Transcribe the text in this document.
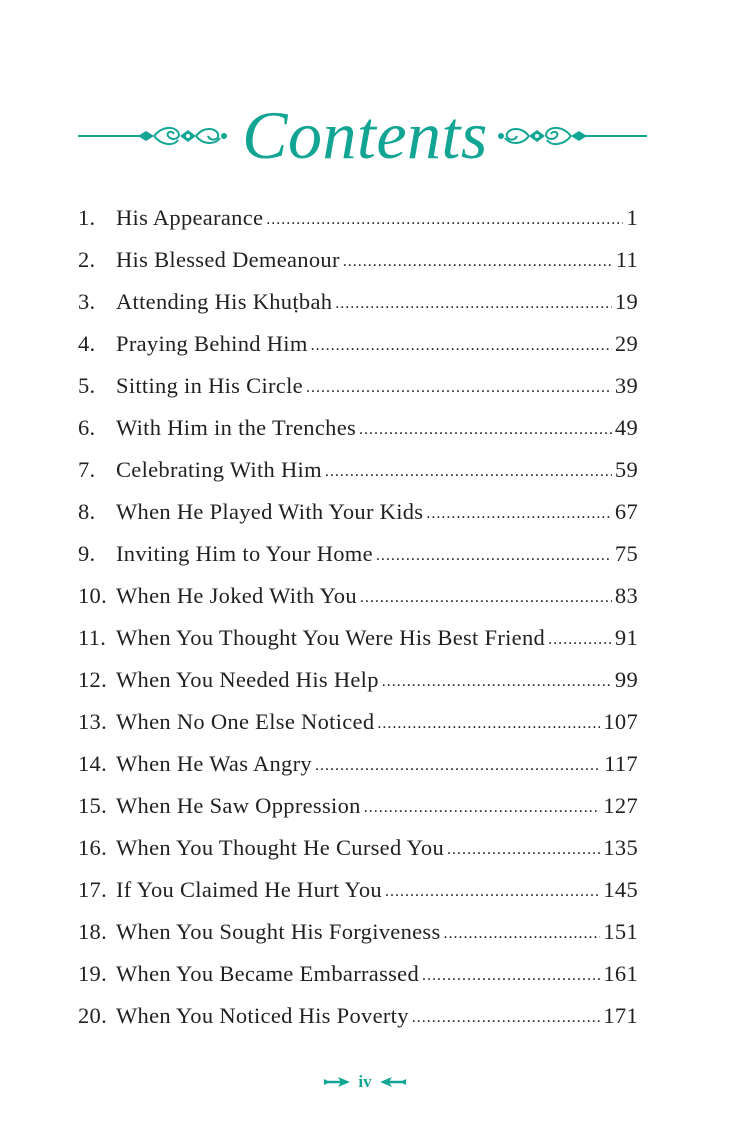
Contents
1. His Appearance .....	1
2. His Blessed Demeanour .....	11
3. Attending His Khuṭbah .....	19
4. Praying Behind Him .....	29
5. Sitting in His Circle .....	39
6. With Him in the Trenches .....	49
7. Celebrating With Him .....	59
8. When He Played With Your Kids .....	67
9. Inviting Him to Your Home .....	75
10. When He Joked With You .....	83
11. When You Thought You Were His Best Friend .....	91
12. When You Needed His Help .....	99
13. When No One Else Noticed .....	107
14. When He Was Angry .....	117
15. When He Saw Oppression .....	127
16. When You Thought He Cursed You .....	135
17. If You Claimed He Hurt You .....	145
18. When You Sought His Forgiveness .....	151
19. When You Became Embarrassed .....	161
20. When You Noticed His Poverty .....	171
iv
